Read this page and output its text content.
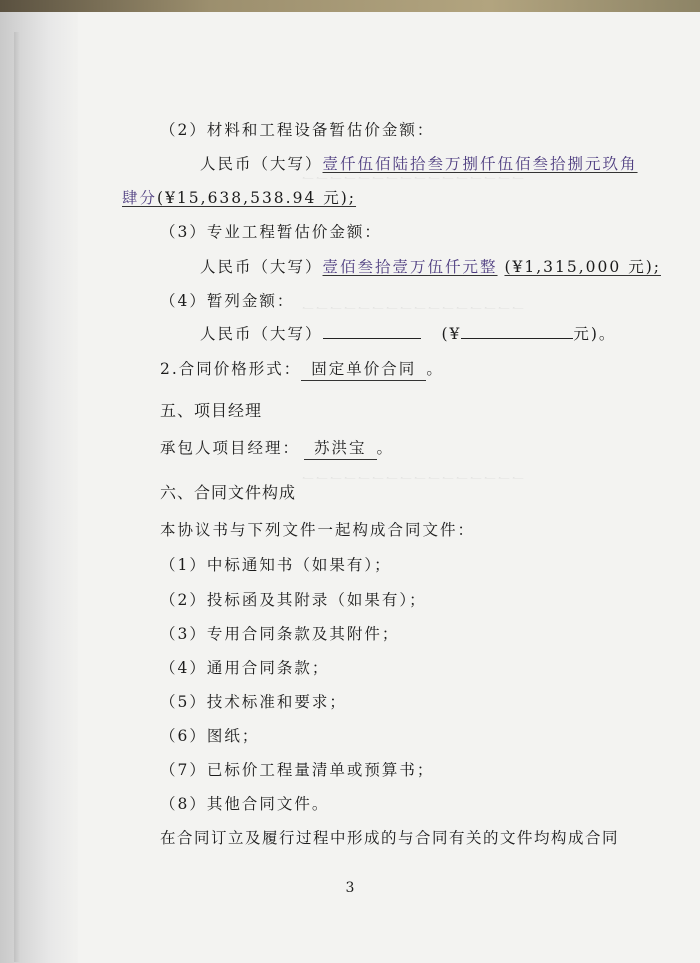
一一一一一一一一一一一一一一一一
一一一一一一一一一一一一一一一一
一一一一一一一一一一一一一一一一
（2）材料和工程设备暂估价金额：
人民币（大写）壹仟伍佰陆拾叁万捌仟伍佰叁拾捌元玖角
肆分(¥15,638,538.94 元);
（3）专业工程暂估价金额：
人民币（大写）壹佰叁拾壹万伍仟元整 (¥1,315,000 元);
（4）暂列金额：
人民币（大写）	(¥	元)。
2.合同价格形式： 固定单价合同 。
五、项目经理
承包人项目经理： 苏洪宝 。
六、合同文件构成
本协议书与下列文件一起构成合同文件：
（1）中标通知书（如果有）；
（2）投标函及其附录（如果有）；
（3）专用合同条款及其附件；
（4）通用合同条款；
（5）技术标准和要求；
（6）图纸；
（7）已标价工程量清单或预算书；
（8）其他合同文件。
在合同订立及履行过程中形成的与合同有关的文件均构成合同
3
